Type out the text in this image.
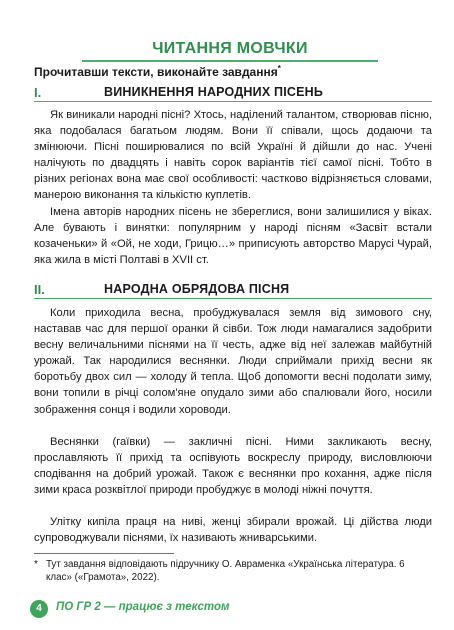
ЧИТАННЯ МОВЧКИ
Прочитавши тексти, виконайте завдання*
I.	ВИНИКНЕННЯ НАРОДНИХ ПІСЕНЬ

Як виникали народні пісні? Хтось, наділений талантом, створював пісню, яка подобалася багатьом людям. Вони її співали, щось додаючи та змінюючи. Пісні поширювалися по всій Україні й дійшли до нас. Учені налічують по двадцять і навіть сорок варіантів тієї самої пісні. Тобто в різних регіонах вона має свої особливості: частково відрізняється словами, манерою виконання та кількістю куплетів.

Імена авторів народних пісень не збереглися, вони залишилися у віках. Але бувають і винятки: популярним у народі пісням «Засвіт встали козаченьки» й «Ой, не ходи, Грицю…» приписують авторство Марусі Чурай, яка жила в місті Полтаві в XVII ст.

II.	НАРОДНА ОБРЯДОВА ПІСНЯ

Коли приходила весна, пробуджувалася земля від зимового сну, наставав час для першої оранки й сівби. Тож люди намагалися задобрити весну величальними піснями на її честь, адже від неї залежав майбутній урожай. Так народилися веснянки. Люди сприймали прихід весни як боротьбу двох сил — холоду й тепла. Щоб допомогти весні подолати зиму, вони топили в річці солом'яне опудало зими або спалювали його, носили зображення сонця і водили хороводи.

Веснянки (гаївки) — закличні пісні. Ними закликають весну, прославляють її прихід та оспівують воскреслу природу, висловлюючи сподівання на добрий урожай. Також є веснянки про кохання, адже після зими краса розквітлої природи пробуджує в молоді ніжні почуття.

Улітку кипіла праця на ниві, женці збирали врожай. Ці дійства люди супроводжували піснями, їх називають жниварськими.

* Тут завдання відповідають підручнику О. Авраменка «Українська література. 6 клас» («Грамота», 2022).
4	ПО ГР 2 — працює з текстом
